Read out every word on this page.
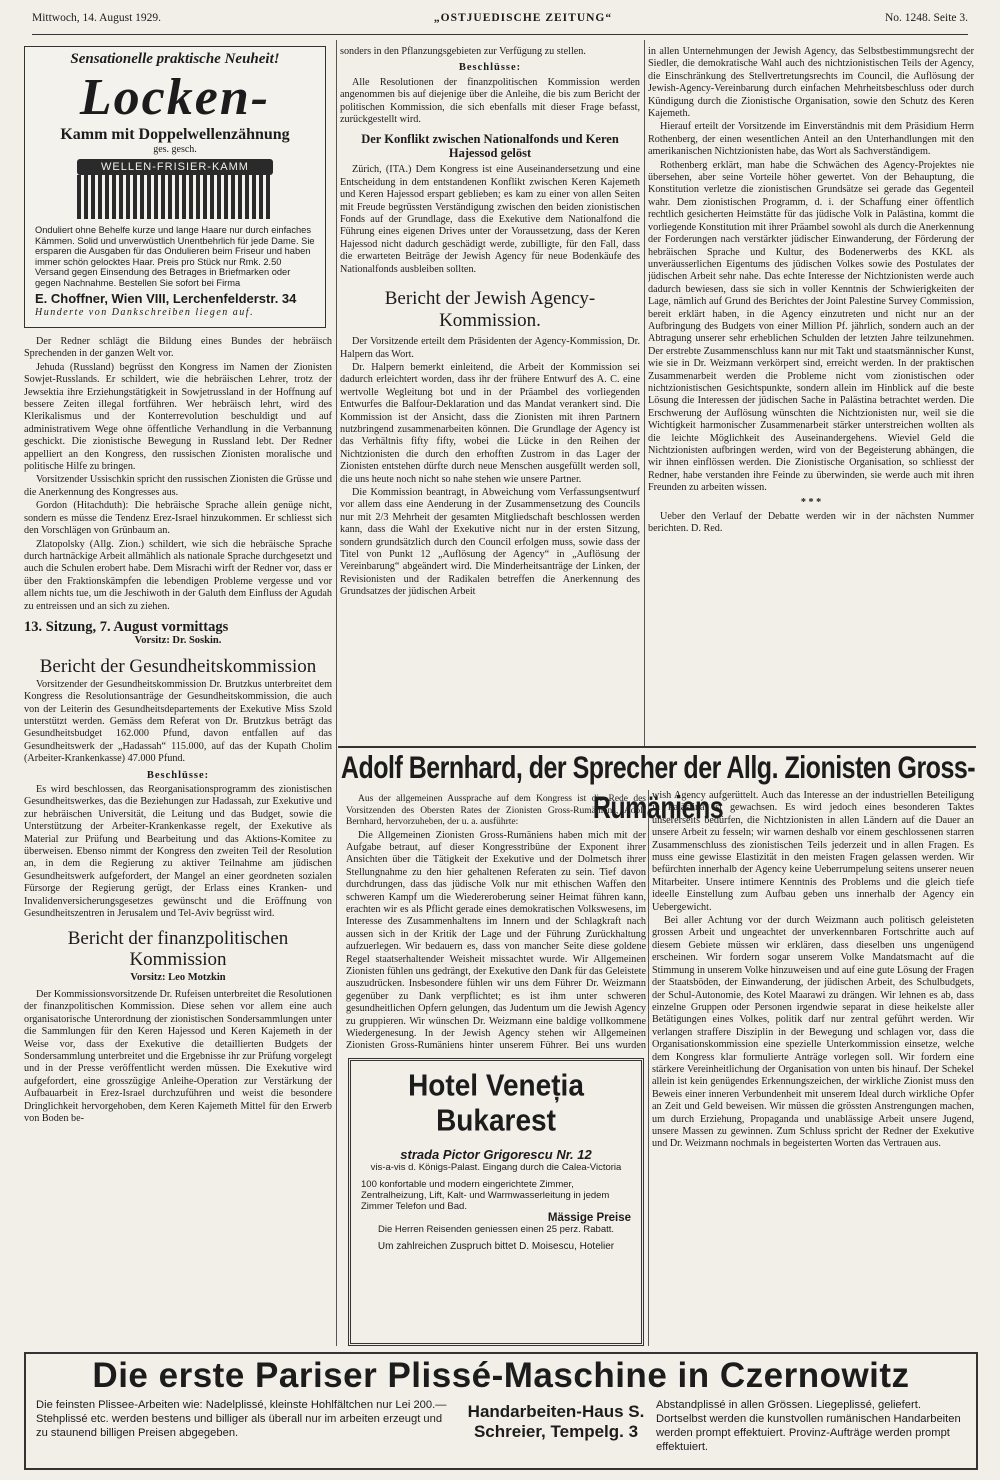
Mittwoch, 14. August 1929.	„OSTJUEDISCHE ZEITUNG“	No. 1248. Seite 3.
Sensationelle praktische Neuheit!
Locken-
Kamm mit Doppelwellenzähnung
ges. gesch.
WELLEN-FRISIER-KAMM
Onduliert ohne Behelfe kurze und lange Haare nur durch einfaches Kämmen. Solid und unverwüstlich Unentbehrlich für jede Dame. Sie ersparen die Ausgaben für das Ondulieren beim Friseur und haben immer schön gelocktes Haar. Preis pro Stück nur Rmk. 2.50 Versand gegen Einsendung des Betrages in Briefmarken oder gegen Nachnahme. Bestellen Sie sofort bei Firma
E. Choffner, Wien VIII, Lerchenfelderstr. 34
Hunderte von Dankschreiben liegen auf.

Der Redner schlägt die Bildung eines Bundes der hebräisch Sprechenden in der ganzen Welt vor.

Jehuda (Russland) begrüsst den Kongress im Namen der Zionisten Sowjet-Russlands. Er schildert, wie die hebräischen Lehrer, trotz der Jewsektia ihre Erziehungstätigkeit in Sowjetrussland in der Hoffnung auf bessere Zeiten illegal fortführen. Wer hebräisch lehrt, wird des Klerikalismus und der Konterrevolution beschuldigt und auf administrativem Wege ohne öffentliche Verhandlung in die Verbannung geschickt. Die zionistische Bewegung in Russland lebt. Der Redner appelliert an den Kongress, den russischen Zionisten moralische und politische Hilfe zu bringen.

Vorsitzender Ussischkin spricht den russischen Zionisten die Grüsse und die Anerkennung des Kongresses aus.

Gordon (Hitachduth): Die hebräische Sprache allein genüge nicht, sondern es müsse die Tendenz Erez-Israel hinzukommen. Er schliesst sich den Vorschlägen von Grünbaum an.

Zlatopolsky (Allg. Zion.) schildert, wie sich die hebräische Sprache durch hartnäckige Arbeit allmählich als nationale Sprache durchgesetzt und auch die Schulen erobert habe. Dem Misrachi wirft der Redner vor, dass er über den Fraktionskämpfen die lebendigen Probleme vergesse und vor allem nichts tue, um die Jeschiwoth in der Galuth dem Einfluss der Agudah zu entreissen und an sich zu ziehen.

13. Sitzung, 7. August vormittags
Vorsitz: Dr. Soskin.
Bericht der Gesundheitskommission

Vorsitzender der Gesundheitskommission Dr. Brutzkus unterbreitet dem Kongress die Resolutionsanträge der Gesundheitskommission, die auch von der Leiterin des Gesundheitsdepartements der Exekutive Miss Szold unterstützt werden. Gemäss dem Referat von Dr. Brutzkus beträgt das Gesundheitsbudget 162.000 Pfund, davon entfallen auf das Gesundheitswerk der „Hadassah“ 115.000, auf das der Kupath Cholim (Arbeiter-Krankenkasse) 47.000 Pfund.

Beschlüsse:

Es wird beschlossen, das Reorganisationsprogramm des zionistischen Gesundheitswerkes, das die Beziehungen zur Hadassah, zur Exekutive und zur hebräischen Universität, die Leitung und das Budget, sowie die Unterstützung der Arbeiter-Krankenkasse regelt, der Exekutive als Material zur Prüfung und Bearbeitung und das Aktions-Komitee zu überweisen. Ebenso nimmt der Kongress den zweiten Teil der Resolution an, in dem die Regierung zu aktiver Teilnahme am jüdischen Gesundheitswerk aufgefordert, der Mangel an einer geordneten sozialen Fürsorge der Regierung gerügt, der Erlass eines Kranken- und Invalidenversicherungsgesetzes gewünscht und die Eröffnung von Gesundheitszentren in Jerusalem und Tel-Aviv begrüsst wird.

Bericht der finanzpolitischen Kommission
Vorsitz: Leo Motzkin

Der Kommissionsvorsitzende Dr. Rufeisen unterbreitet die Resolutionen der finanzpolitischen Kommission. Diese sehen vor allem eine auch organisatorische Unterordnung der zionistischen Sondersammlungen unter die Sammlungen für den Keren Hajessod und Keren Kajemeth in der Weise vor, dass der Exekutive die detaillierten Budgets der Sondersammlung unterbreitet und die Ergebnisse ihr zur Prüfung vorgelegt und in der Presse veröffentlicht werden müssen. Die Exekutive wird aufgefordert, eine grosszügige Anleihe-Operation zur Verstärkung der Aufbauarbeit in Erez-Israel durchzuführen und weist die besondere Dringlichkeit hervorgehoben, dem Keren Kajemeth Mittel für den Erwerb von Boden be-

sonders in den Pflanzungsgebieten zur Verfügung zu stellen.

Beschlüsse:

Alle Resolutionen der finanzpolitischen Kommission werden angenommen bis auf diejenige über die Anleihe, die bis zum Bericht der politischen Kommission, die sich ebenfalls mit dieser Frage befasst, zurückgestellt wird.

Der Konflikt zwischen Nationalfonds und Keren Hajessod gelöst

Zürich, (ITA.) Dem Kongress ist eine Auseinandersetzung und eine Entscheidung in dem entstandenen Konflikt zwischen Keren Kajemeth und Keren Hajessod erspart geblieben; es kam zu einer von allen Seiten mit Freude begrüssten Verständigung zwischen den beiden zionistischen Fonds auf der Grundlage, dass die Exekutive dem Nationalfond die Führung eines eigenen Drives unter der Voraussetzung, dass der Keren Hajessod nicht dadurch geschädigt werde, zubilligte, für den Fall, dass die erwarteten Beiträge der Jewish Agency für neue Bodenkäufe des Nationalfonds ausbleiben sollten.

Bericht der Jewish Agency-Kommission.

Der Vorsitzende erteilt dem Präsidenten der Agency-Kommission, Dr. Halpern das Wort.

Dr. Halpern bemerkt einleitend, die Arbeit der Kommission sei dadurch erleichtert worden, dass ihr der frühere Entwurf des A. C. eine wertvolle Wegleitung bot und in der Präambel des vorliegenden Entwurfes die Balfour-Deklaration und das Mandat verankert sind. Die Kommission ist der Ansicht, dass die Zionisten mit ihren Partnern nutzbringend zusammenarbeiten können. Die Grundlage der Agency ist das Verhältnis fifty fifty, wobei die Lücke in den Reihen der Nichtzionisten die durch den erhofften Zustrom in das Lager der Zionisten entstehen dürfte durch neue Menschen ausgefüllt werden soll, die uns heute noch nicht so nahe stehen wie unsere Partner.

Die Kommission beantragt, in Abweichung vom Verfassungsentwurf vor allem dass eine Aenderung in der Zusammensetzung des Councils nur mit 2/3 Mehrheit der gesamten Mitgliedschaft beschlossen werden kann, dass die Wahl der Exekutive nicht nur in der ersten Sitzung, sondern grundsätzlich durch den Council erfolgen muss, sowie dass der Titel von Punkt 12 „Auflösung der Agency“ in „Auflösung der Vereinbarung“ abgeändert wird. Die Minderheitsanträge der Linken, der Revisionisten und der Radikalen betreffen die Anerkennung des Grundsatzes der jüdischen Arbeit

in allen Unternehmungen der Jewish Agency, das Selbstbestimmungsrecht der Siedler, die demokratische Wahl auch des nichtzionistischen Teils der Agency, die Einschränkung des Stellvertretungsrechts im Council, die Auflösung der Jewish-Agency-Vereinbarung durch einfachen Mehrheitsbeschluss oder durch Kündigung durch die Zionistische Organisation, sowie den Schutz des Keren Kajemeth.

Hierauf erteilt der Vorsitzende im Einverständnis mit dem Präsidium Herrn Rothenberg, der einen wesentlichen Anteil an den Unterhandlungen mit den amerikanischen Nichtzionisten habe, das Wort als Sachverständigem.

Rothenberg erklärt, man habe die Schwächen des Agency-Projektes nie übersehen, aber seine Vorteile höher gewertet. Von der Behauptung, die Konstitution verletze die zionistischen Grundsätze sei gerade das Gegenteil wahr. Dem zionistischen Programm, d. i. der Schaffung einer öffentlich rechtlich gesicherten Heimstätte für das jüdische Volk in Palästina, kommt die vorliegende Konstitution mit ihrer Präambel sowohl als durch die Anerkennung der Forderungen nach verstärkter jüdischer Einwanderung, der Förderung der hebräischen Sprache und Kultur, des Bodenerwerbs des KKL als unveräusserlichen Eigentums des jüdischen Volkes sowie des Postulates der jüdischen Arbeit sehr nahe. Das echte Interesse der Nichtzionisten werde auch dadurch bewiesen, dass sie sich in voller Kenntnis der Schwierigkeiten der Lage, nämlich auf Grund des Berichtes der Joint Palestine Survey Commission, bereit erklärt haben, in die Agency einzutreten und nicht nur an der Aufbringung des Budgets von einer Million Pf. jährlich, sondern auch an der Abtragung unserer sehr erheblichen Schulden der letzten Jahre teilzunehmen. Der erstrebte Zusammenschluss kann nur mit Takt und staatsmännischer Kunst, wie sie in Dr. Weizmann verkörpert sind, erreicht werden. In der praktischen Zusammenarbeit werden die Probleme nicht vom zionistischen oder nichtzionistischen Gesichtspunkte, sondern allein im Hinblick auf die beste Lösung die Interessen der jüdischen Sache in Palästina betrachtet werden. Die Erschwerung der Auflösung wünschten die Nichtzionisten nur, weil sie die Wichtigkeit harmonischer Zusammenarbeit stärker unterstreichen wollten als die leichte Möglichkeit des Auseinandergehens. Wieviel Geld die Nichtzionisten aufbringen werden, wird von der Begeisterung abhängen, die wir ihnen einflössen werden. Die Zionistische Organisation, so schliesst der Redner, habe verstanden ihre Feinde zu überwinden, sie werde auch mit ihren Freunden zu arbeiten wissen.

* * *

Ueber den Verlauf der Debatte werden wir in der nächsten Nummer berichten. D. Red.

Adolf Bernhard, der Sprecher der Allg. Zionisten Gross-Rumäniens

Aus der allgemeinen Aussprache auf dem Kongress ist die Rede des Vorsitzenden des Obersten Rates der Zionisten Gross-Rumäniens, Adolf Bernhard, hervorzuheben, der u. a. ausführte:

Die Allgemeinen Zionisten Gross-Rumäniens haben mich mit der Aufgabe betraut, auf dieser Kongresstribüne der Exponent ihrer Ansichten über die Tätigkeit der Exekutive und der Dolmetsch ihrer Stellungnahme zu den hier gehaltenen Referaten zu sein. Tief davon durchdrungen, dass das jüdische Volk nur mit ethischen Waffen den schweren Kampf um die Wiedereroberung seiner Heimat führen kann, erachten wir es als Pflicht gerade eines demokratischen Volkswesens, im Interesse des Zusammenhaltens im Innern und der Schlagkraft nach aussen sich in der Kritik der Lage und der Führung Zurückhaltung aufzuerlegen. Wir bedauern es, dass von mancher Seite diese goldene Regel staatserhaltender Weisheit missachtet wurde. Wir Allgemeinen Zionisten fühlen uns gedrängt, der Exekutive den Dank für das Geleistete auszudrücken. Insbesondere fühlen wir uns dem Führer Dr. Weizmann gegenüber zu Dank verpflichtet; es ist ihm unter schweren gesundheitlichen Opfern gelungen, das Judentum um die Jewish Agency zu gruppieren. Wir wünschen Dr. Weizmann eine baldige vollkommene Wiedergenesung. In der Jewish Agency stehen wir Allgemeinen Zionisten Gross-Rumäniens hinter unserem Führer. Bei uns wurden

wish Agency aufgerüttelt. Auch das Interesse an der industriellen Beteiligung in Palästina ist gewachsen. Es wird jedoch eines besonderen Taktes unsererseits bedürfen, die Nichtzionisten in allen Ländern auf die Dauer an unsere Arbeit zu fesseln; wir warnen deshalb vor einem geschlossenen starren Zusammenschluss des zionistischen Teils jederzeit und in allen Fragen. Es muss eine gewisse Elastizität in den meisten Fragen gelassen werden. Wir befürchten innerhalb der Agency keine Ueberrumpelung seitens unserer neuen Mitarbeiter. Unsere intimere Kenntnis des Problems und die gleich tiefe ideelle Einstellung zum Aufbau geben uns innerhalb der Agency ein Uebergewicht.

Bei aller Achtung vor der durch Weizmann auch politisch geleisteten grossen Arbeit und ungeachtet der unverkennbaren Fortschritte auch auf diesem Gebiete müssen wir erklären, dass dieselben uns ungenügend erscheinen. Wir fordern sogar unserem Volke Mandatsmacht auf die Stimmung in unserem Volke hinzuweisen und auf eine gute Lösung der Fragen der Staatsböden, der Einwanderung, der jüdischen Arbeit, des Schulbudgets, der Schul-Autonomie, des Kotel Maarawi zu drängen. Wir lehnen es ab, dass einzelne Gruppen oder Personen irgendwie separat in diese heikelste aller Betätigungen eines Volkes, politik darf nur zentral geführt werden. Wir verlangen strafferе Disziplin in der Bewegung und schlagen vor, dass die Organisationskommission eine spezielle Unterkommission einsetze, welche dem Kongress klar formulierte Anträge vorlegen soll. Wir fordern eine stärkere Vereinheitlichung der Organisation von unten bis hinauf. Der Schekel allein ist kein genügendes Erkennungszeichen, der wirkliche Zionist muss den Beweis einer inneren Verbundenheit mit unserem Ideal durch wirkliche Opfer an Zeit und Geld beweisen. Wir müssen die grössten Anstrengungen machen, um durch Erziehung, Propaganda und unablässige Arbeit unsere Jugend, unsere Massen zu gewinnen. Zum Schluss spricht der Redner der Exekutive und Dr. Weizmann nochmals in begeisterten Worten das Vertrauen aus.

Hotel Veneția Bukarest
strada Pictor Grigorescu Nr. 12
vis-a-vis d. Königs-Palast. Eingang durch die Calea-Victoria
100 konfortable und modern eingerichtete Zimmer, Zentralheizung, Lift, Kalt- und Warmwasserleitung in jedem Zimmer Telefon und Bad.
Mässige Preise
Die Herren Reisenden geniessen einen 25 perz. Rabatt.
Um zahlreichen Zuspruch bittet D. Moisescu, Hotelier
Die erste Pariser Plissé-Maschine in Czernowitz
Die feinsten Plissee-Arbeiten wie: Nadelplissé, kleinste Hohlfältchen nur Lei 200.— Stehplissé etc. werden bestens und billiger als überall nur im arbeiten erzeugt und zu staunend billigen Preisen abgegeben.
Handarbeiten-Haus S. Schreier, Tempelg. 3
Abstandplissé in allen Grössen. Liegeplissé, geliefert. Dortselbst werden die kunstvollen rumänischen Handarbeiten werden prompt effektuiert. Provinz-Aufträge werden prompt effektuiert.
